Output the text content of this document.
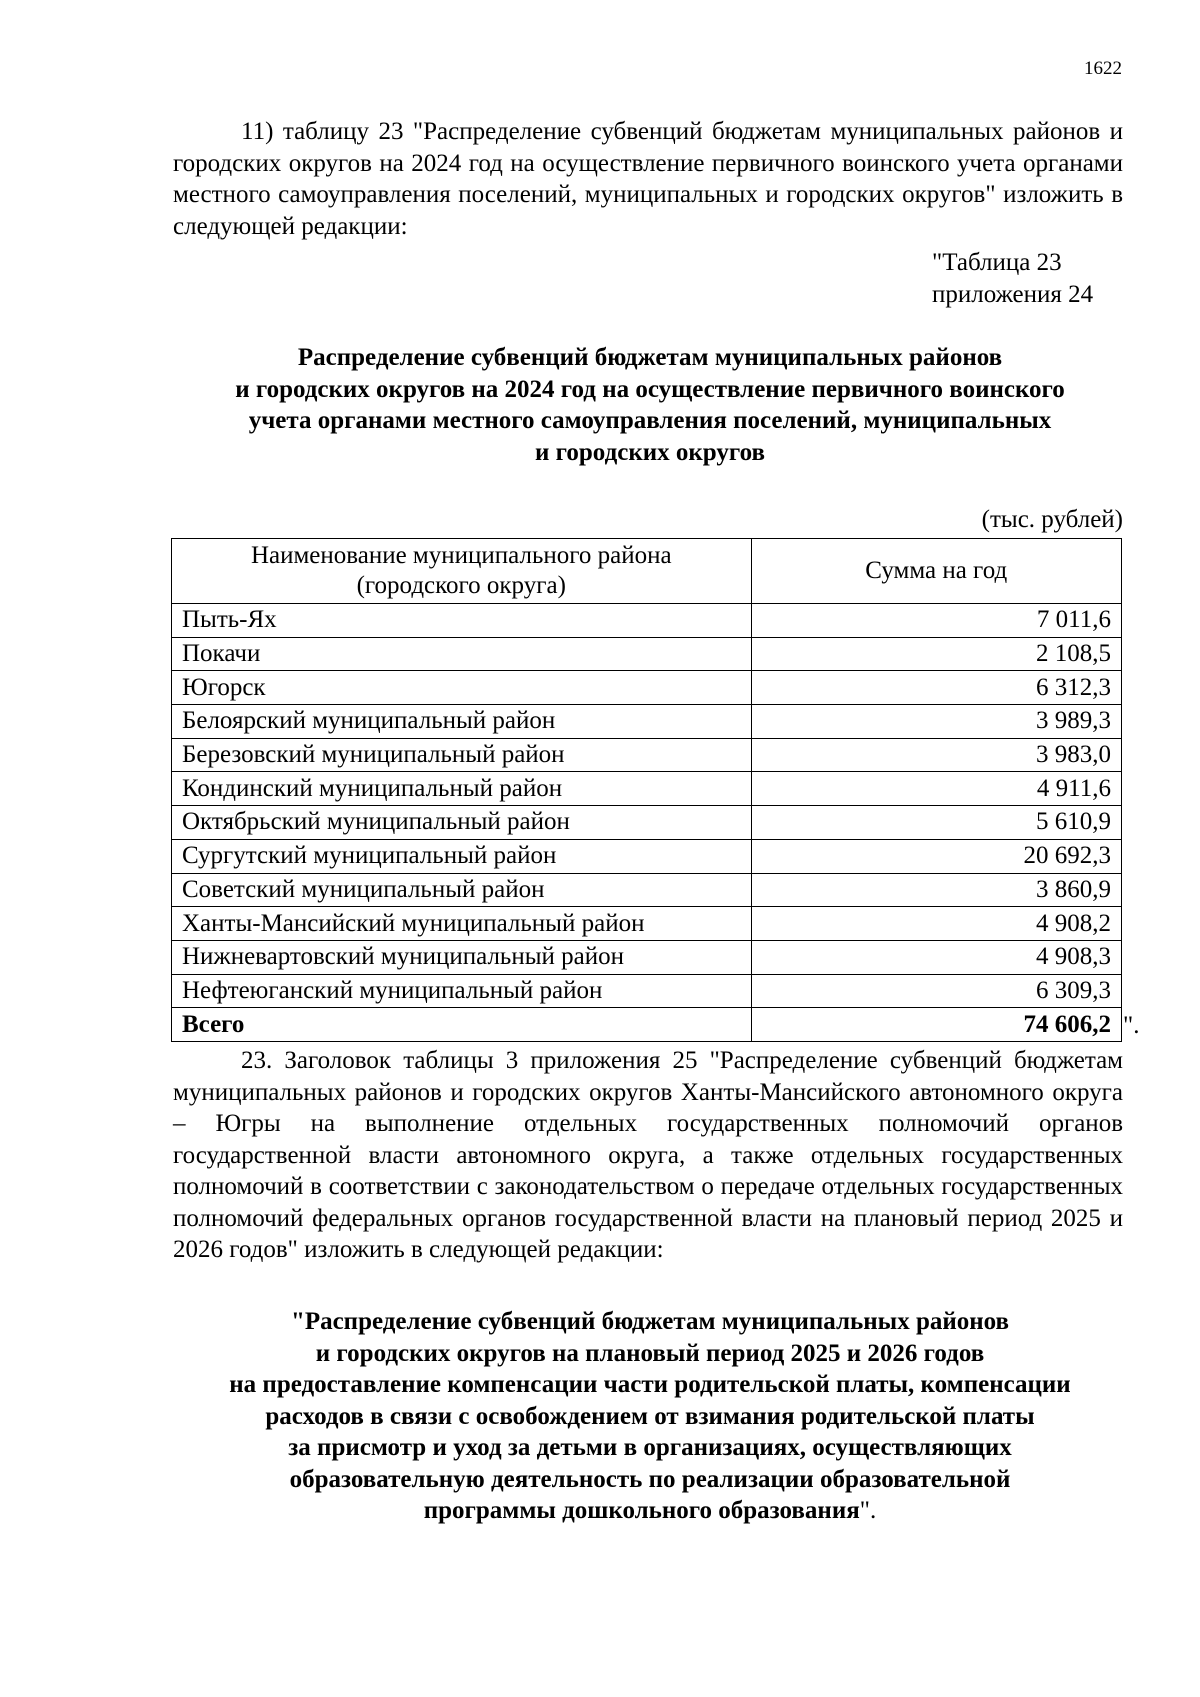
1622
11) таблицу 23 "Распределение субвенций бюджетам муниципальных районов и городских округов на 2024 год на осуществление первичного воинского учета органами местного самоуправления поселений, муниципальных и городских округов" изложить в следующей редакции:
"Таблица 23
приложения 24
Распределение субвенций бюджетам муниципальных районов
и городских округов на 2024 год на осуществление первичного воинского
учета органами местного самоуправления поселений, муниципальных
и городских округов
(тыс. рублей)
Наименование муниципального района
(городского округа)	Сумма на год
Пыть-Ях	7 011,6
Покачи	2 108,5
Югорск	6 312,3
Белоярский муниципальный район	3 989,3
Березовский муниципальный район	3 983,0
Кондинский муниципальный район	4 911,6
Октябрьский муниципальный район	5 610,9
Сургутский муниципальный район	20 692,3
Советский муниципальный район	3 860,9
Ханты-Мансийский муниципальный район	4 908,2
Нижневартовский муниципальный район	4 908,3
Нефтеюганский муниципальный район	6 309,3
Всего	74 606,2 ".
23. Заголовок таблицы 3 приложения 25 "Распределение субвенций бюджетам муниципальных районов и городских округов Ханты-Мансийского автономного округа – Югры на выполнение отдельных государственных полномочий органов государственной власти автономного округа, а также отдельных государственных полномочий в соответствии с законодательством о передаче отдельных государственных полномочий федеральных органов государственной власти на плановый период 2025 и 2026 годов" изложить в следующей редакции:
"Распределение субвенций бюджетам муниципальных районов
и городских округов на плановый период 2025 и 2026 годов
на предоставление компенсации части родительской платы, компенсации
расходов в связи с освобождением от взимания родительской платы
за присмотр и уход за детьми в организациях, осуществляющих
образовательную деятельность по реализации образовательной
программы дошкольного образования".
